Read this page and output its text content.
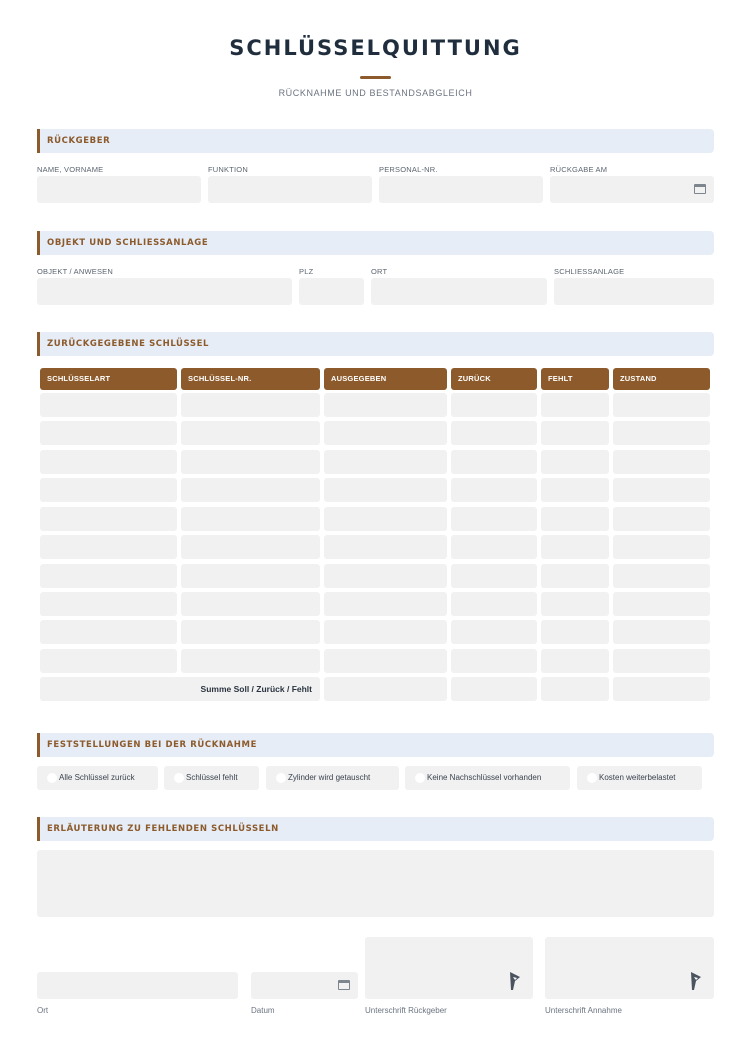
SCHLÜSSELQUITTUNG
RÜCKNAHME UND BESTANDSABGLEICH
RÜCKGEBER
NAME, VORNAME	FUNKTION	PERSONAL-NR.	RÜCKGABE AM
OBJEKT UND SCHLIESSANLAGE
OBJEKT / ANWESEN	PLZ	ORT	SCHLIESSANLAGE
ZURÜCKGEGEBENE SCHLÜSSEL
SCHLÜSSELART	SCHLÜSSEL-NR.	AUSGEGEBEN	ZURÜCK	FEHLT	ZUSTAND
Summe Soll / Zurück / Fehlt
FESTSTELLUNGEN BEI DER RÜCKNAHME
Alle Schlüssel zurück	Schlüssel fehlt	Zylinder wird getauscht	Keine Nachschlüssel vorhanden	Kosten weiterbelastet
ERLÄUTERUNG ZU FEHLENDEN SCHLÜSSELN
Ort	Datum	Unterschrift Rückgeber	Unterschrift Annahme
